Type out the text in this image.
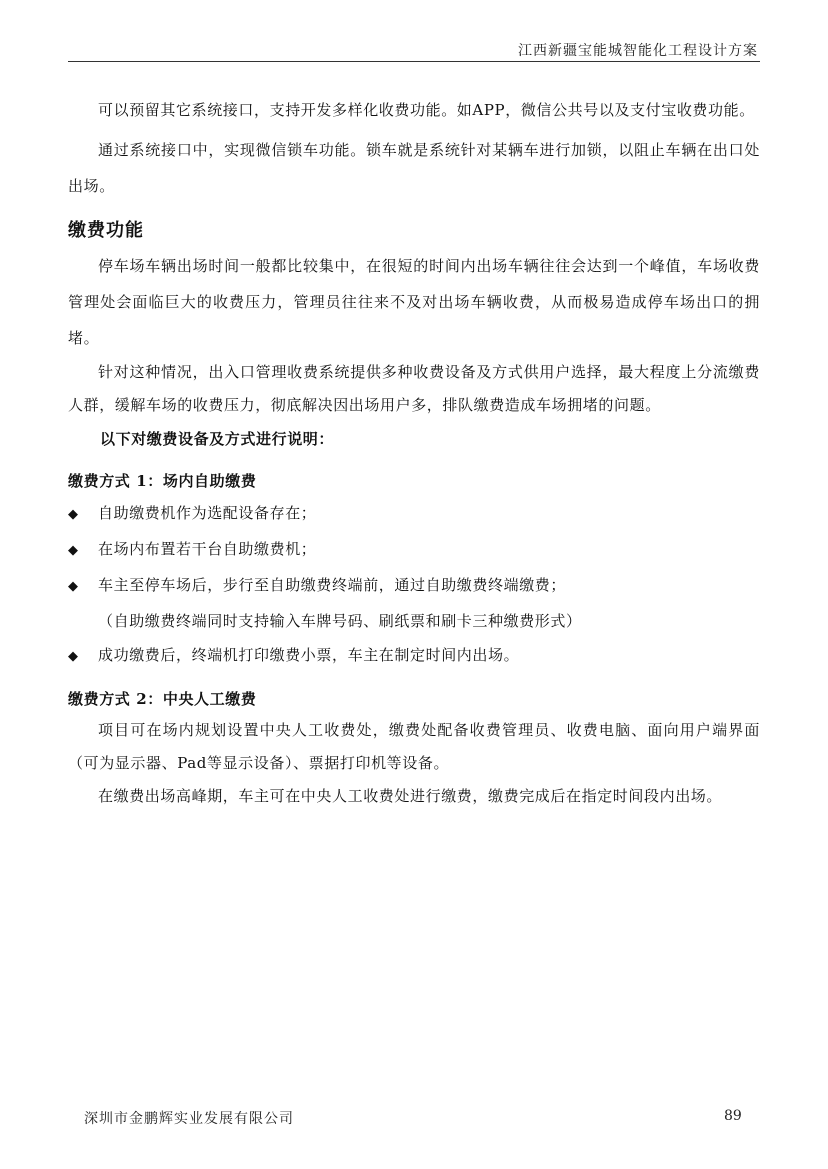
江西新疆宝能城智能化工程设计方案

可以预留其它系统接口，支持开发多样化收费功能。如APP，微信公共号以及支付宝收费功能。

通过系统接口中，实现微信锁车功能。锁车就是系统针对某辆车进行加锁，以阻止车辆在出口处出场。

缴费功能

停车场车辆出场时间一般都比较集中，在很短的时间内出场车辆往往会达到一个峰值，车场收费管理处会面临巨大的收费压力，管理员往往来不及对出场车辆收费，从而极易造成停车场出口的拥堵。

针对这种情况，出入口管理收费系统提供多种收费设备及方式供用户选择，最大程度上分流缴费人群，缓解车场的收费压力，彻底解决因出场用户多，排队缴费造成车场拥堵的问题。

以下对缴费设备及方式进行说明：

缴费方式 1：场内自助缴费
◆	自助缴费机作为选配设备存在；
◆	在场内布置若干台自助缴费机；
◆	车主至停车场后，步行至自助缴费终端前，通过自助缴费终端缴费；

（自助缴费终端同时支持输入车牌号码、刷纸票和刷卡三种缴费形式）

◆	成功缴费后，终端机打印缴费小票，车主在制定时间内出场。
缴费方式 2：中央人工缴费

项目可在场内规划设置中央人工收费处，缴费处配备收费管理员、收费电脑、面向用户端界面（可为显示器、Pad等显示设备）、票据打印机等设备。

在缴费出场高峰期，车主可在中央人工收费处进行缴费，缴费完成后在指定时间段内出场。

深圳市金鹏辉实业发展有限公司	89
